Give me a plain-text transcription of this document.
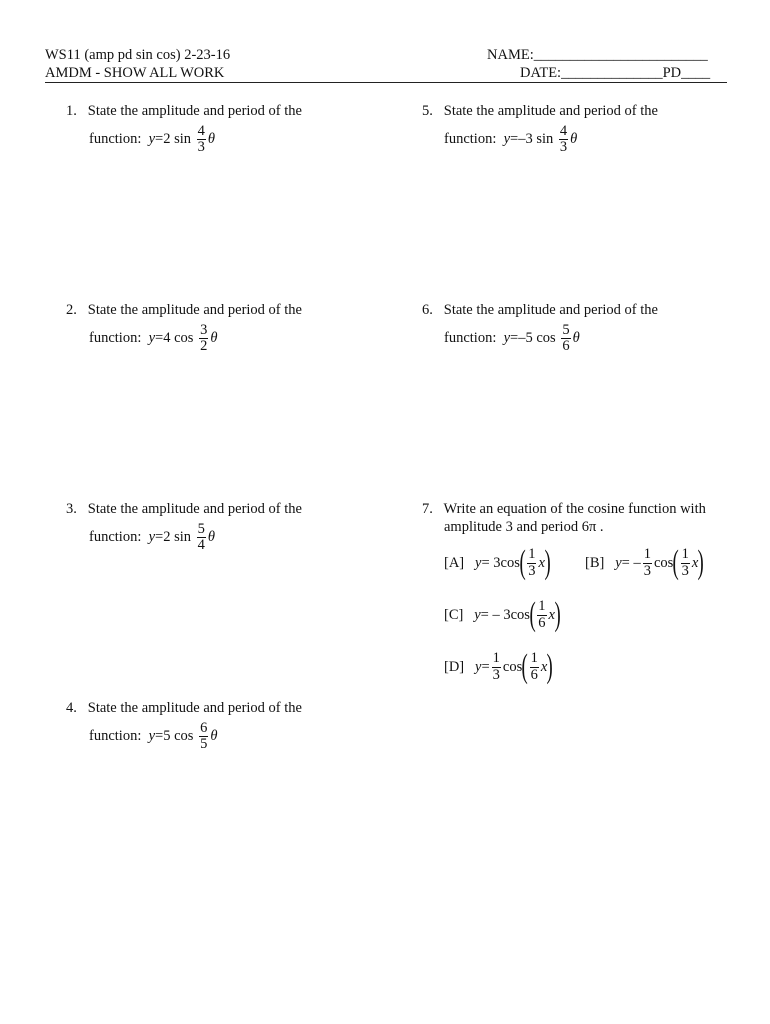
WS11 (amp pd sin cos) 2-23-16
AMDM - SHOW ALL WORK
NAME:________________________
DATE:______________PD____
1. State the amplitude and period of the
function: y=2 $\sin \frac{4}{3}$ θ
2. State the amplitude and period of the
function: y=4 $\cos \frac{3}{2}$ θ
3. State the amplitude and period of the
function: y=2 $\sin \frac{5}{4}$ θ
4. State the amplitude and period of the
function: y=5 $\cos \frac{6}{5}$ θ
5. State the amplitude and period of the
function: y=–3 $\sin \frac{4}{3}$ θ
6. State the amplitude and period of the
function: y=–5 $\cos \frac{5}{6}$ θ
7. Write an equation of the cosine function with
amplitude 3 and period 6π .
[A] $y= 3\cos( \frac{1}{3} x)$ [B] $y= - \frac{1}{3} \cos( \frac{1}{3} x)$
[C] $y= - 3\cos( \frac{1}{6} x)$
[D] $y= \frac{1}{3} \cos( \frac{1}{6} x)$
